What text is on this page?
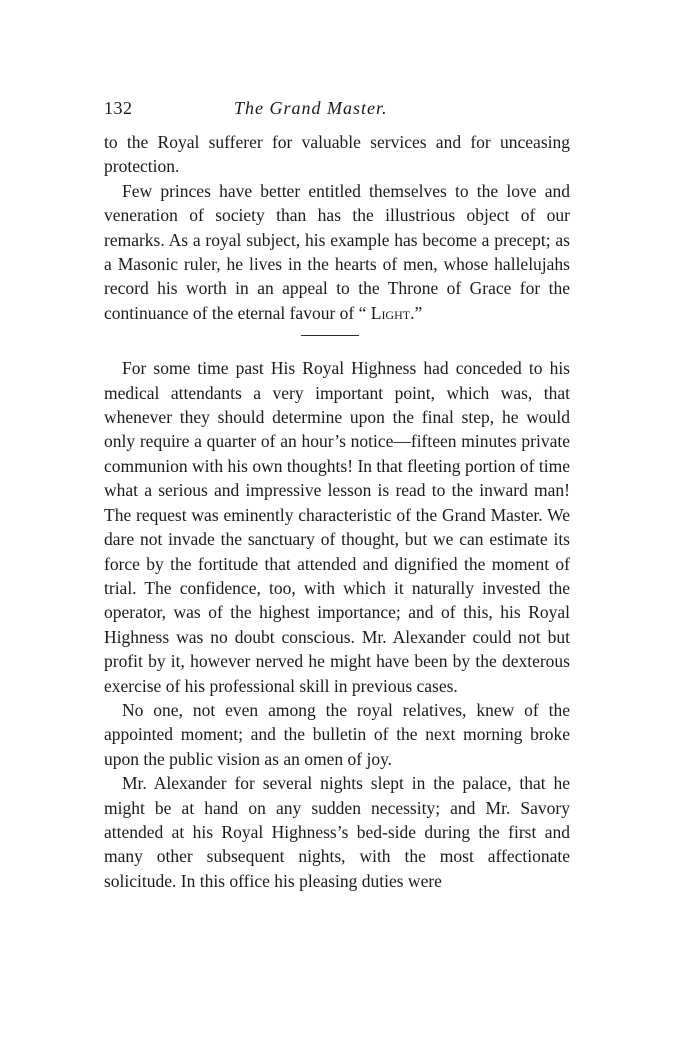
132	The Grand Master.

to the Royal sufferer for valuable services and for unceasing protection.

Few princes have better entitled themselves to the love and veneration of society than has the illustrious object of our remarks. As a royal subject, his example has become a precept; as a Masonic ruler, he lives in the hearts of men, whose hallelujahs record his worth in an appeal to the Throne of Grace for the continuance of the eternal favour of “ Light.”

For some time past His Royal Highness had conceded to his medical attendants a very important point, which was, that whenever they should determine upon the final step, he would only require a quarter of an hour’s notice—fifteen minutes private communion with his own thoughts! In that fleeting portion of time what a serious and impressive lesson is read to the inward man! The request was eminently characteristic of the Grand Master. We dare not invade the sanctuary of thought, but we can estimate its force by the fortitude that attended and dignified the moment of trial. The confidence, too, with which it naturally invested the operator, was of the highest importance; and of this, his Royal Highness was no doubt conscious. Mr. Alexander could not but profit by it, however nerved he might have been by the dexterous exercise of his professional skill in previous cases.

No one, not even among the royal relatives, knew of the appointed moment; and the bulletin of the next morning broke upon the public vision as an omen of joy.

Mr. Alexander for several nights slept in the palace, that he might be at hand on any sudden necessity; and Mr. Savory attended at his Royal Highness’s bed-side during the first and many other subsequent nights, with the most affectionate solicitude. In this office his pleasing duties were
